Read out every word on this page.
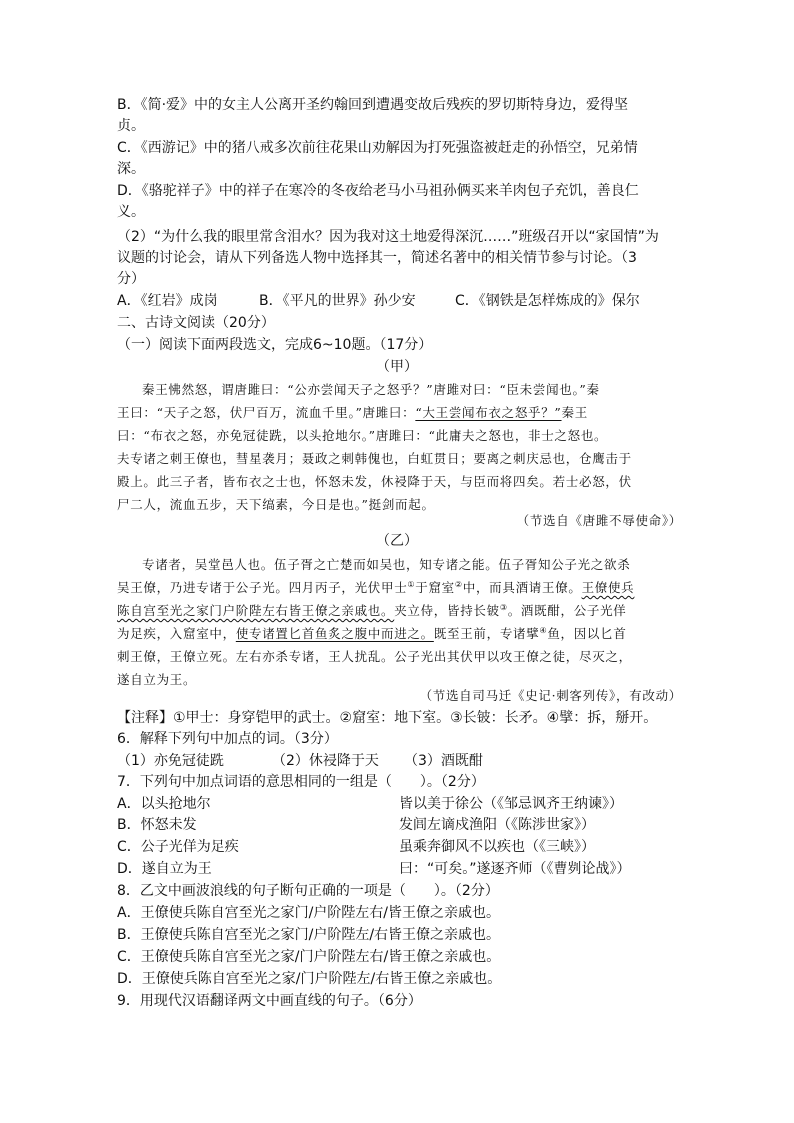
B．《简·爱》中的女主人公离开圣约翰回到遭遇变故后残疾的罗切斯特身边，爱得坚
贞。
C．《西游记》中的猪八戒多次前往花果山劝解因为打死强盗被赶走的孙悟空，兄弟情
深。
D．《骆驼祥子》中的祥子在寒冷的冬夜给老马小马祖孙俩买来羊肉包子充饥，善良仁
义。
（2）“为什么我的眼里常含泪水？因为我对这土地爱得深沉……”班级召开以“家国情”为
议题的讨论会，请从下列备选人物中选择其一，简述名著中的相关情节参与讨论。（3
分）
A．《红岩》成岗	B．《平凡的世界》孙少安	C．《钢铁是怎样炼成的》保尔
二、古诗文阅读（20分）
（一）阅读下面两段选文，完成6~10题。（17分）
（甲）
秦王怫然怒，谓唐雎曰：“公亦尝闻天子之怒乎？”唐雎对曰：“臣未尝闻也。”秦
王曰：“天子之怒，伏尸百万，流血千里。”唐雎曰：“大王尝闻布衣之怒乎？”秦王
曰：“布衣之怒，亦免冠徒跣，以头抢地尔。”唐雎曰：“此庸夫之怒也，非士之怒也。
夫专诸之刺王僚也，彗星袭月；聂政之刺韩傀也，白虹贯日；要离之刺庆忌也，仓鹰击于
殿上。此三子者，皆布衣之士也，怀怒未发，休祲降于天，与臣而将四矣。若士必怒，伏
尸二人，流血五步，天下缟素，今日是也。”挺剑而起。
（节选自《唐雎不辱使命》）
（乙）
专诸者，吴堂邑人也。伍子胥之亡楚而如吴也，知专诸之能。伍子胥知公子光之欲杀
吴王僚，乃进专诸于公子光。四月丙子，光伏甲士①于窟室②中，而具酒请王僚。王僚使兵
陈自宫至光之家门户阶陛左右皆王僚之亲戚也。夹立侍，皆持长铍③。酒既酣，公子光佯
为足疾，入窟室中，使专诸置匕首鱼炙之腹中而进之。既至王前，专诸擘④鱼，因以匕首
刺王僚，王僚立死。左右亦杀专诸，王人扰乱。公子光出其伏甲以攻王僚之徒，尽灭之，
遂自立为王。
（节选自司马迁《史记·刺客列传》，有改动）
【注释】①甲士：身穿铠甲的武士。②窟室：地下室。③长铍：长矛。④擘：拆，掰开。
6．解释下列句中加点的词。（3分）
（1）亦免冠徒跣	（2）休祲降于天 （3）酒既酣
7．下列句中加点词语的意思相同的一组是（　　）。（2分）
A．以头抢地尔	皆以美于徐公（《邹忌讽齐王纳谏》）
B．怀怒未发	发闾左谪戍渔阳（《陈涉世家》）
C．公子光佯为足疾	虽乘奔御风不以疾也（《三峡》）
D．遂自立为王	曰：“可矣。”遂逐齐师（《曹刿论战》）
8．乙文中画波浪线的句子断句正确的一项是（　　）。（2分）
A．王僚使兵陈自宫至光之家门/户阶陛左右/皆王僚之亲戚也。
B．王僚使兵陈自宫至光之家门/户阶陛左/右皆王僚之亲戚也。
C．王僚使兵陈自宫至光之家/门户阶陛左右/皆王僚之亲戚也。
D．王僚使兵陈自宫至光之家/门户阶陛左/右皆王僚之亲戚也。
9．用现代汉语翻译两文中画直线的句子。（6分）
